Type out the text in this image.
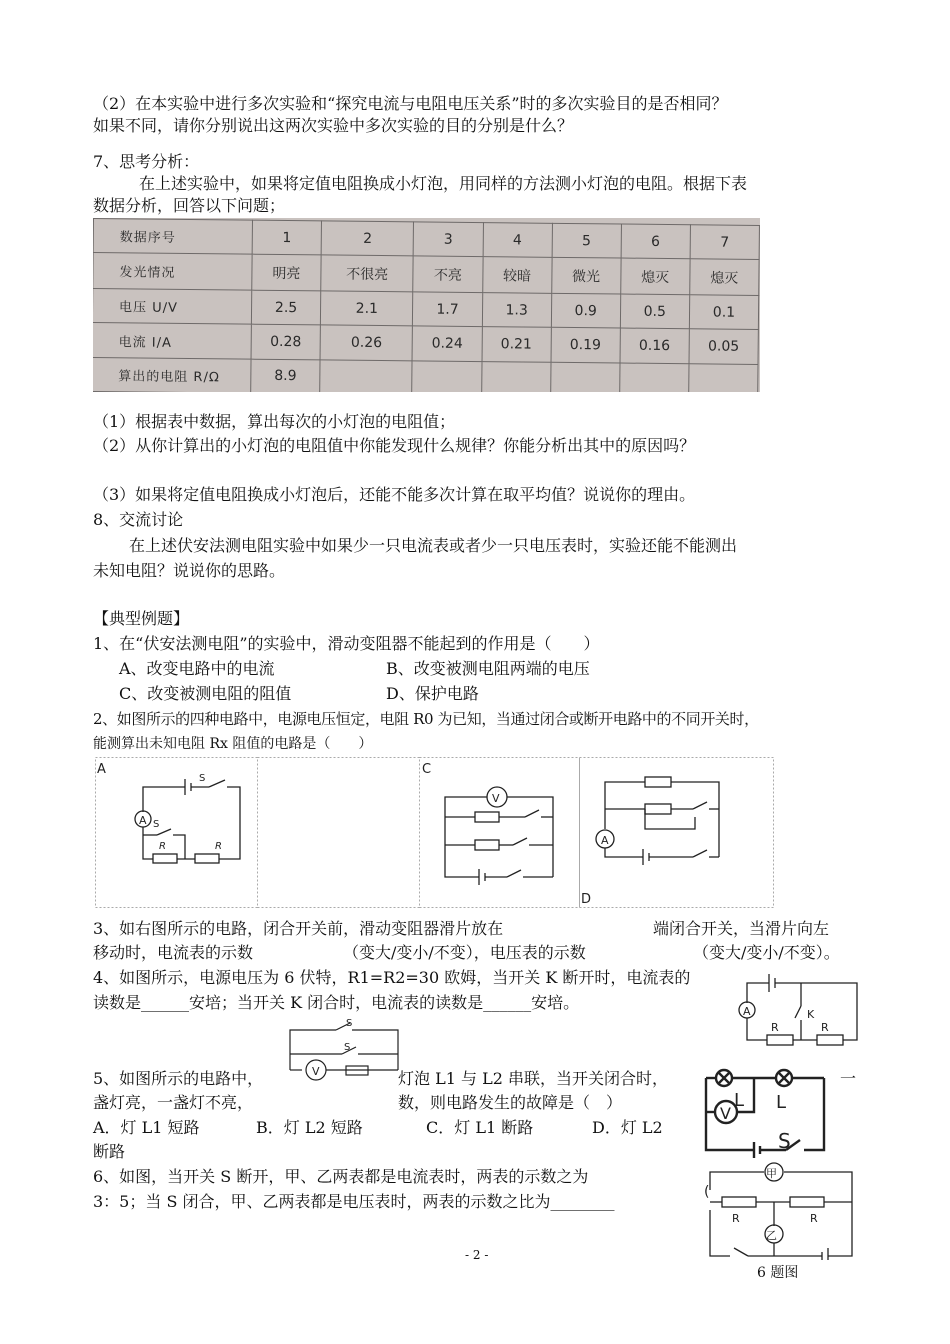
（2）在本实验中进行多次实验和“探究电流与电阻电压关系”时的多次实验目的是否相同？
如果不同，请你分别说出这两次实验中多次实验的目的分别是什么？
7、思考分析：
在上述实验中，如果将定值电阻换成小灯泡，用同样的方法测小灯泡的电阻。根据下表
数据分析，回答以下问题；
数据序号	1	2	3	4	5	6	7
发光情况	明亮	不很亮	不亮	较暗	微光	熄灭	熄灭
电压 U/V	2.5	2.1	1.7	1.3	0.9	0.5	0.1
电流 I/A	0.28	0.26	0.24	0.21	0.19	0.16	0.05
算出的电阻 R/Ω	8.9						
（1）根据表中数据，算出每次的小灯泡的电阻值；
（2）从你计算出的小灯泡的电阻值中你能发现什么规律？你能分析出其中的原因吗？
（3）如果将定值电阻换成小灯泡后，还能不能多次计算在取平均值？说说你的理由。
8、交流讨论
在上述伏安法测电阻实验中如果少一只电流表或者少一只电压表时，实验还能不能测出
未知电阻？说说你的思路。
【典型例题】
1、在“伏安法测电阻”的实验中，滑动变阻器不能起到的作用是（　　）
A、改变电路中的电流	B、改变被测电阻两端的电压
C、改变被测电阻的阻值	D、保护电路
2、如图所示的四种电路中，电源电压恒定，电阻 R0 为已知，当通过闭合或断开电路中的不同开关时，
能测算出未知电阻 Rx 阻值的电路是（　　）
A
A
S
S
R	R
C
V
A
D
3、如右图所示的电路，闭合开关前，滑动变阻器滑片放在	端闭合开关，当滑片向左
移动时，电流表的示数	（变大/变小/不变），电压表的示数	（变大/变小/不变）。
4、如图所示，电源电压为 6 伏特，R1=R2=30 欧姆，当开关 K 断开时，电流表的
读数是______安培；当开关 K 闭合时，电流表的读数是______安培。	A	K
R	R
S
S
V
5、如图所示的电路中，	灯泡 L1 与 L2 串联，当开关闭合时，	一
盏灯亮，一盏灯不亮，	数，则电路发生的故障是（　）
A．灯 L1 短路	B．灯 L2 短路	C．灯 L1 断路	D．灯 L2
断路
V
L L
S
6、如图，当开关 S 断开，甲、乙两表都是电流表时，两表的示数之为
3：5；当 S 闭合，甲、乙两表都是电压表时，两表的示数之比为________	(
甲
乙
R	R
6 题图
- 2 -
